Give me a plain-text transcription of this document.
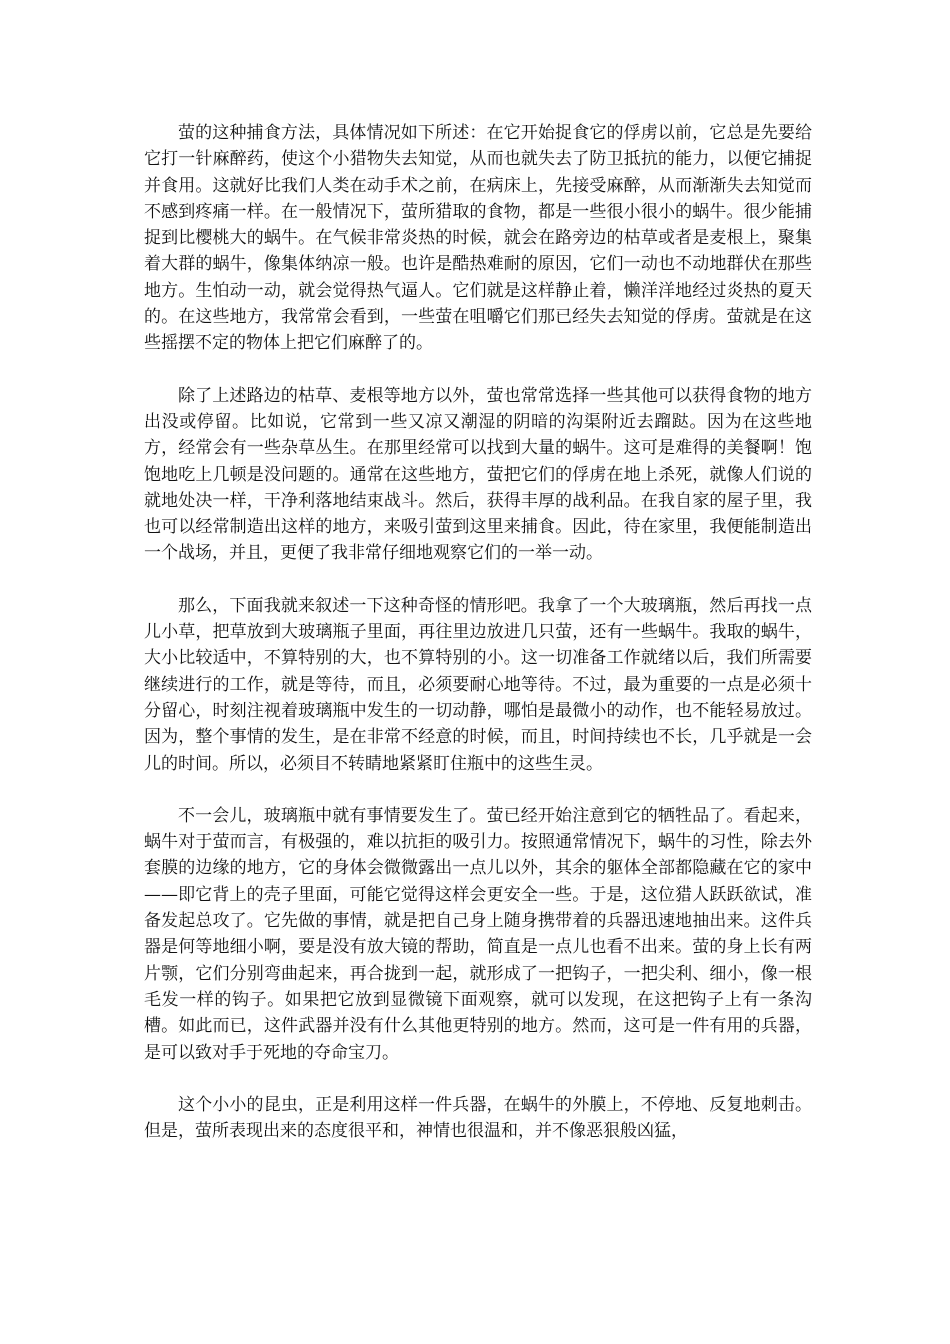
萤的这种捕食方法，具体情况如下所述：在它开始捉食它的俘虏以前，它总是先要给它打一针麻醉药，使这个小猎物失去知觉，从而也就失去了防卫抵抗的能力，以便它捕捉并食用。这就好比我们人类在动手术之前，在病床上，先接受麻醉，从而渐渐失去知觉而不感到疼痛一样。在一般情况下，萤所猎取的食物，都是一些很小很小的蜗牛。很少能捕捉到比樱桃大的蜗牛。在气候非常炎热的时候，就会在路旁边的枯草或者是麦根上，聚集着大群的蜗牛，像集体纳凉一般。也许是酷热难耐的原因，它们一动也不动地群伏在那些地方。生怕动一动，就会觉得热气逼人。它们就是这样静止着，懒洋洋地经过炎热的夏天的。在这些地方，我常常会看到，一些萤在咀嚼它们那已经失去知觉的俘虏。萤就是在这些摇摆不定的物体上把它们麻醉了的。

除了上述路边的枯草、麦根等地方以外，萤也常常选择一些其他可以获得食物的地方出没或停留。比如说，它常到一些又凉又潮湿的阴暗的沟渠附近去蹓跶。因为在这些地方，经常会有一些杂草丛生。在那里经常可以找到大量的蜗牛。这可是难得的美餐啊！饱饱地吃上几顿是没问题的。通常在这些地方，萤把它们的俘虏在地上杀死，就像人们说的就地处决一样，干净利落地结束战斗。然后，获得丰厚的战利品。在我自家的屋子里，我也可以经常制造出这样的地方，来吸引萤到这里来捕食。因此，待在家里，我便能制造出一个战场，并且，更便了我非常仔细地观察它们的一举一动。

那么，下面我就来叙述一下这种奇怪的情形吧。我拿了一个大玻璃瓶，然后再找一点儿小草，把草放到大玻璃瓶子里面，再往里边放进几只萤，还有一些蜗牛。我取的蜗牛，大小比较适中，不算特别的大，也不算特别的小。这一切准备工作就绪以后，我们所需要继续进行的工作，就是等待，而且，必须要耐心地等待。不过，最为重要的一点是必须十分留心，时刻注视着玻璃瓶中发生的一切动静，哪怕是最微小的动作，也不能轻易放过。因为，整个事情的发生，是在非常不经意的时候，而且，时间持续也不长，几乎就是一会儿的时间。所以，必须目不转睛地紧紧盯住瓶中的这些生灵。

不一会儿，玻璃瓶中就有事情要发生了。萤已经开始注意到它的牺牲品了。看起来，蜗牛对于萤而言，有极强的，难以抗拒的吸引力。按照通常情况下，蜗牛的习性，除去外套膜的边缘的地方，它的身体会微微露出一点儿以外，其余的躯体全部都隐藏在它的家中——即它背上的壳子里面，可能它觉得这样会更安全一些。于是，这位猎人跃跃欲试，准备发起总攻了。它先做的事情，就是把自己身上随身携带着的兵器迅速地抽出来。这件兵器是何等地细小啊，要是没有放大镜的帮助，简直是一点儿也看不出来。萤的身上长有两片颚，它们分别弯曲起来，再合拢到一起，就形成了一把钩子，一把尖利、细小，像一根毛发一样的钩子。如果把它放到显微镜下面观察，就可以发现，在这把钩子上有一条沟槽。如此而已，这件武器并没有什么其他更特别的地方。然而，这可是一件有用的兵器，是可以致对手于死地的夺命宝刀。

这个小小的昆虫，正是利用这样一件兵器，在蜗牛的外膜上，不停地、反复地刺击。但是，萤所表现出来的态度很平和，神情也很温和，并不像恶狠般凶猛，
